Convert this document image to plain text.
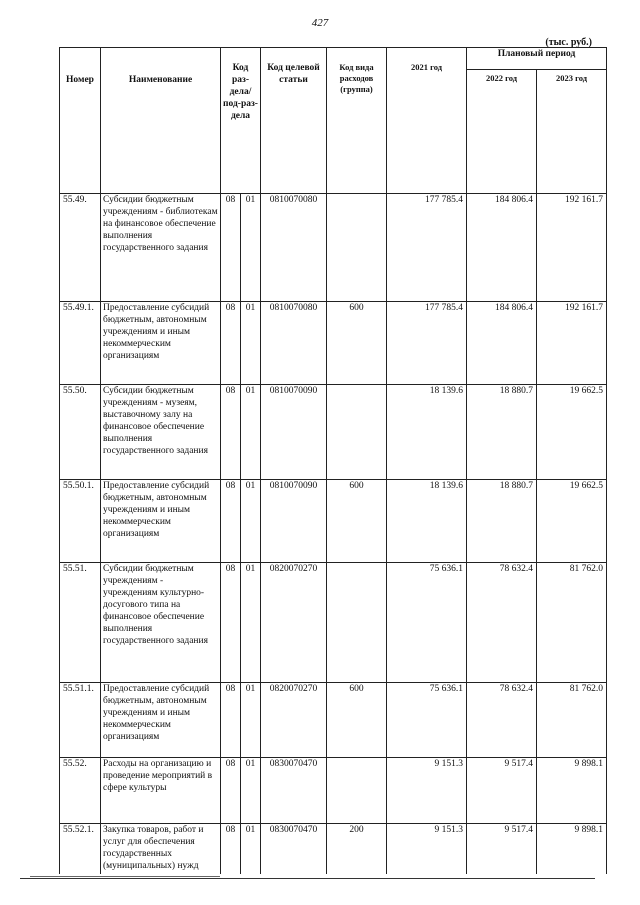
427
(тыс. руб.)
Номер	Наименование	Код раз-дела/ под-раз-дела		Код целевой статьи	Код вида расходов (группа)	2021 год	Плановый период	
							2022 год	2023 год
55.49.	Субсидии бюджетным учреждениям - библиотекам на финансовое обеспечение выполнения государственного задания	08	01	0810070080		177 785.4	184 806.4	192 161.7
55.49.1.	Предоставление субсидий бюджетным, автономным учреждениям и иным некоммерческим организациям	08	01	0810070080	600	177 785.4	184 806.4	192 161.7
55.50.	Субсидии бюджетным учреждениям - музеям, выставочному залу на финансовое обеспечение выполнения государственного задания	08	01	0810070090		18 139.6	18 880.7	19 662.5
55.50.1.	Предоставление субсидий бюджетным, автономным учреждениям и иным некоммерческим организациям	08	01	0810070090	600	18 139.6	18 880.7	19 662.5
55.51.	Субсидии бюджетным учреждениям - учреждениям культурно-досугового типа на финансовое обеспечение выполнения государственного задания	08	01	0820070270		75 636.1	78 632.4	81 762.0
55.51.1.	Предоставление субсидий бюджетным, автономным учреждениям и иным некоммерческим организациям	08	01	0820070270	600	75 636.1	78 632.4	81 762.0
55.52.	Расходы на организацию и проведение мероприятий в сфере культуры	08	01	0830070470		9 151.3	9 517.4	9 898.1
55.52.1.	Закупка товаров, работ и услуг для обеспечения государственных (муниципальных) нужд	08	01	0830070470	200	9 151.3	9 517.4	9 898.1
